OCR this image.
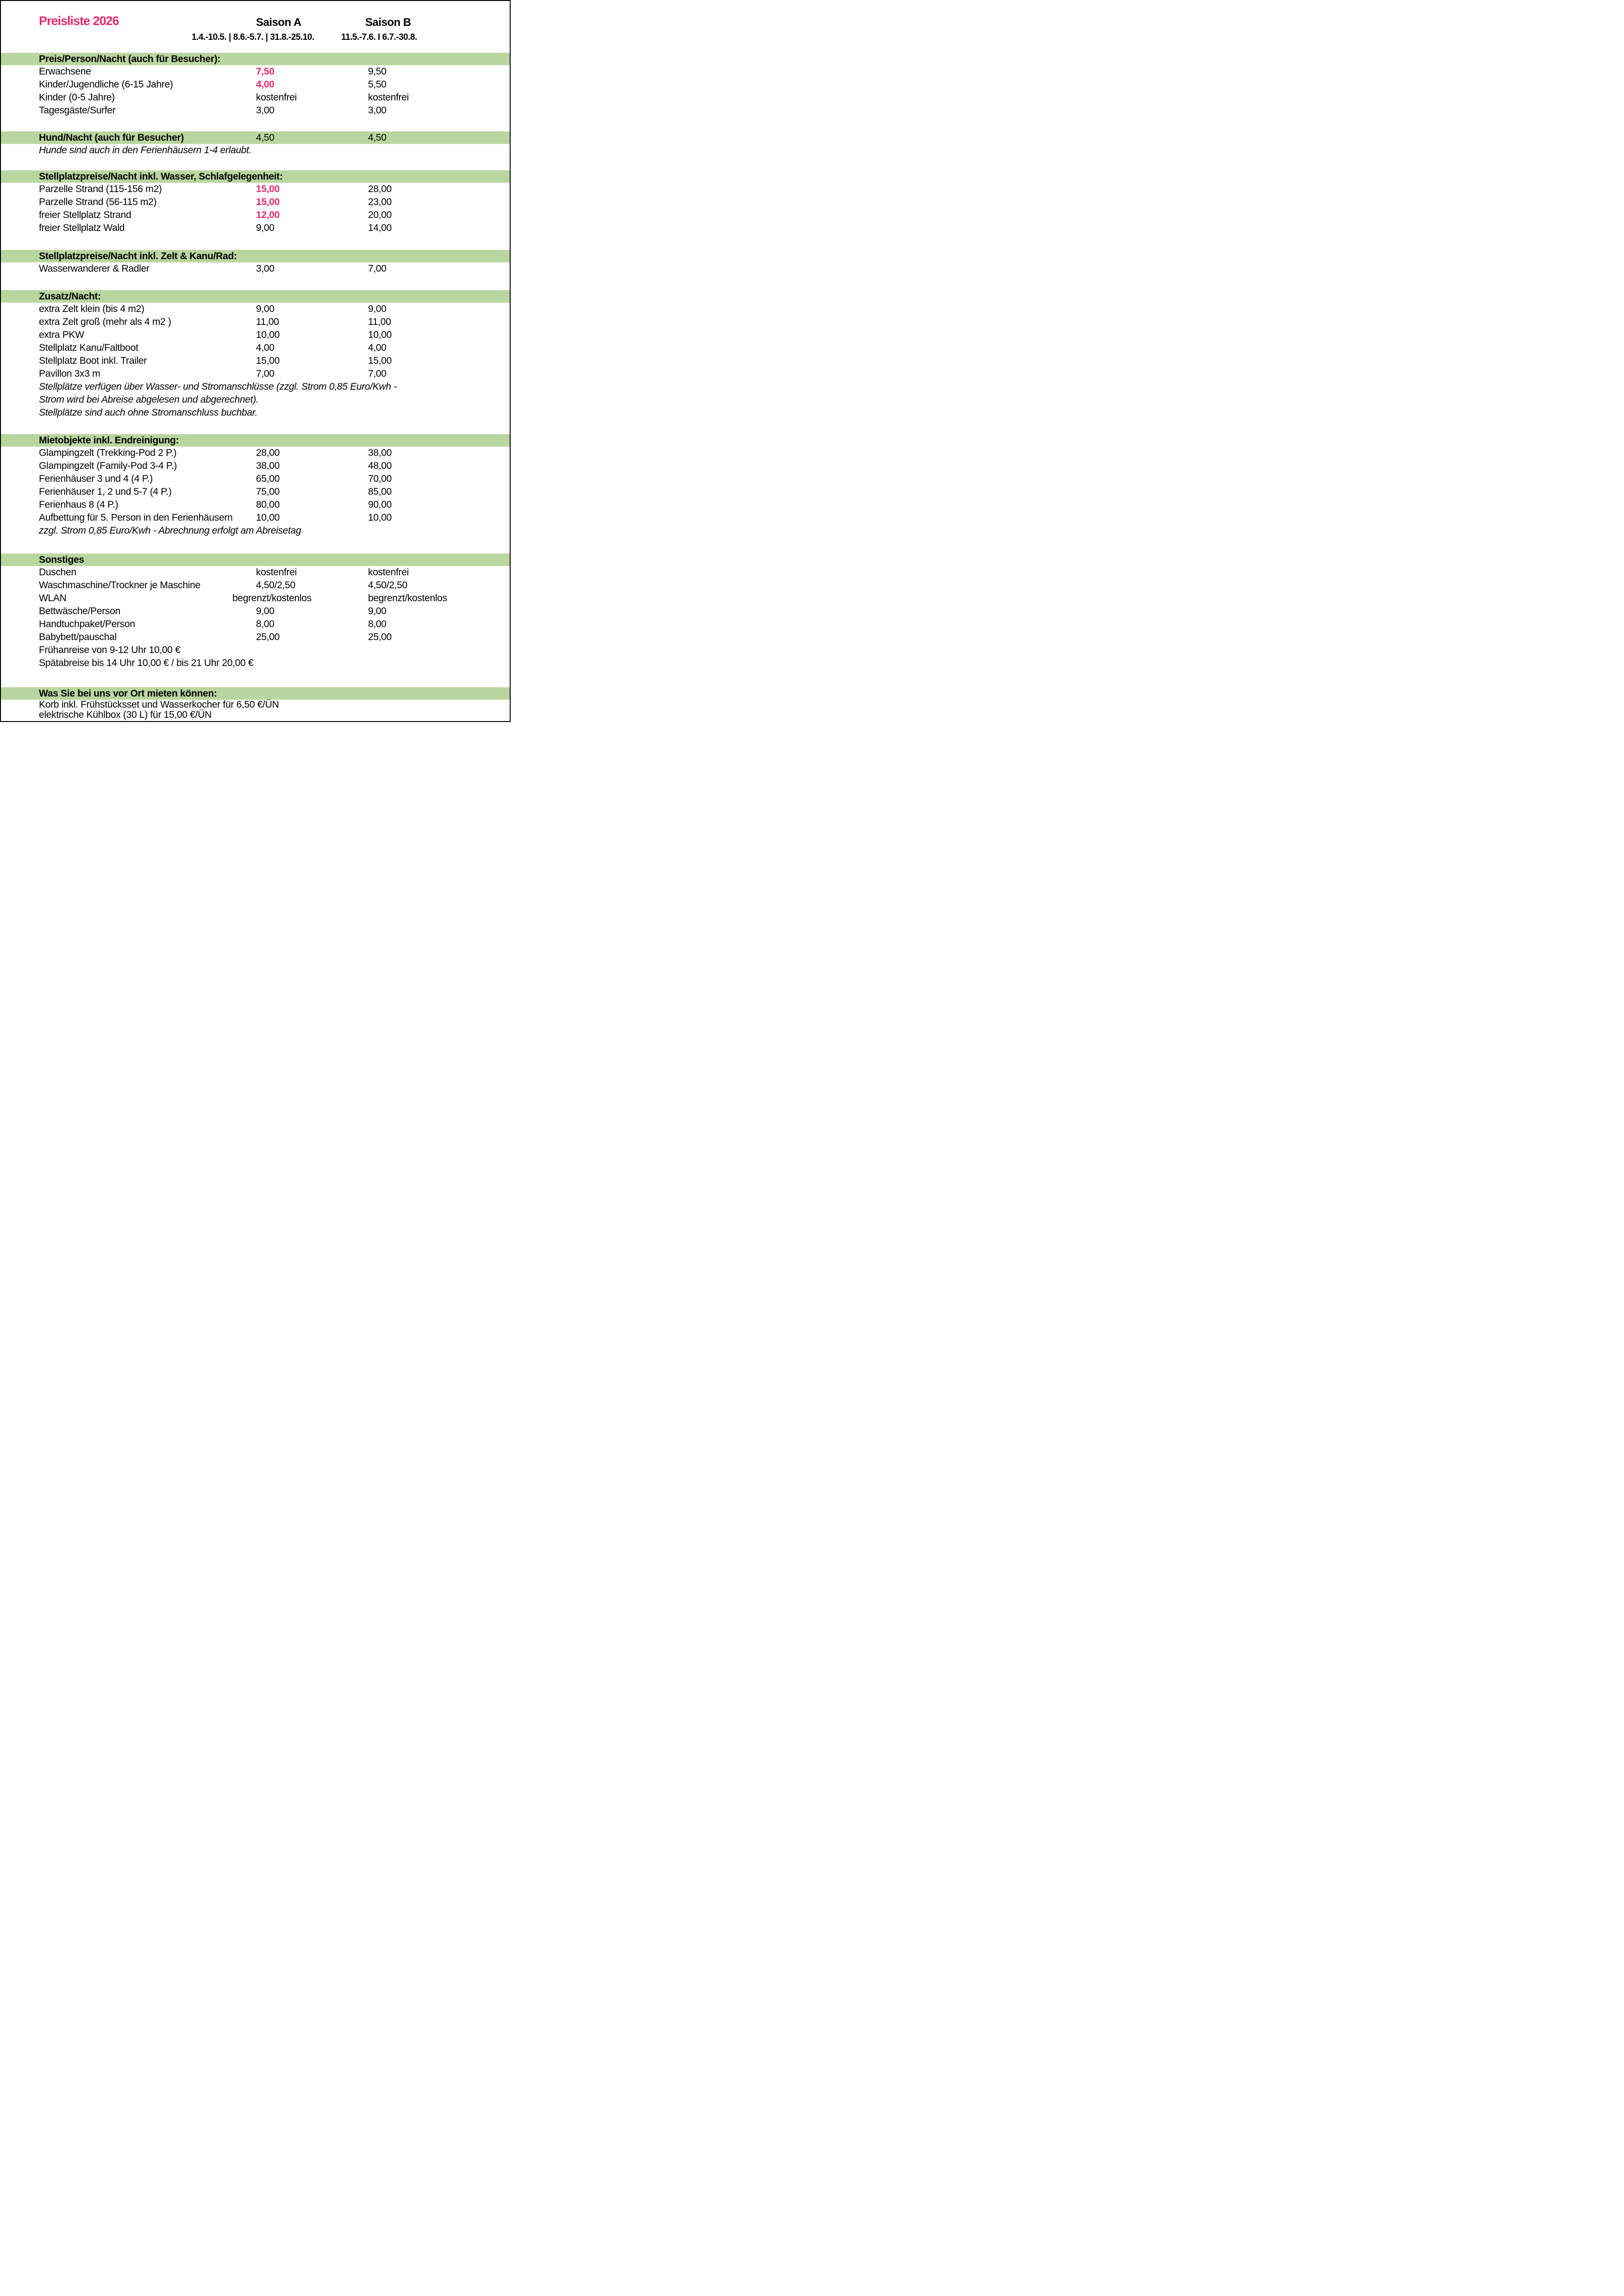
Preisliste 2026	Saison A	Saison B
1.4.-10.5. | 8.6.-5.7. | 31.8.-25.10.	11.5.-7.6. I 6.7.-30.8.
Preis/Person/Nacht (auch für Besucher):
Erwachsene	7,50	9,50
Kinder/Jugendliche (6-15 Jahre)	4,00	5,50
Kinder (0-5 Jahre)	kostenfrei	kostenfrei
Tagesgäste/Surfer	3,00	3,00
Hund/Nacht (auch für Besucher)	4,50	4,50
Hunde sind auch in den Ferienhäusern 1-4 erlaubt.
Stellplatzpreise/Nacht inkl. Wasser, Schlafgelegenheit:
Parzelle Strand (115-156 m2)	15,00	28,00
Parzelle Strand (56-115 m2)	15,00	23,00
freier Stellplatz Strand	12,00	20,00
freier Stellplatz Wald	9,00	14,00
Stellplatzpreise/Nacht inkl. Zelt & Kanu/Rad:
Wasserwanderer & Radler	3,00	7,00
Zusatz/Nacht:
extra Zelt klein (bis 4 m2)	9,00	9,00
extra Zelt groß (mehr als 4 m2 )	11,00	11,00
extra PKW	10,00	10,00
Stellplatz Kanu/Faltboot	4,00	4,00
Stellplatz Boot inkl. Trailer	15,00	15,00
Pavillon 3x3 m	7,00	7,00
Stellplätze verfügen über Wasser- und Stromanschlüsse (zzgl. Strom 0,85 Euro/Kwh -
Strom wird bei Abreise abgelesen und abgerechnet).
Stellplätze sind auch ohne Stromanschluss buchbar.
Mietobjekte inkl. Endreinigung:
Glampingzelt (Trekking-Pod 2 P.)	28,00	38,00
Glampingzelt (Family-Pod 3-4 P.)	38,00	48,00
Ferienhäuser 3 und 4 (4 P.)	65,00	70,00
Ferienhäuser 1, 2 und 5-7 (4 P.)	75,00	85,00
Ferienhaus 8 (4 P.)	80,00	90,00
Aufbettung für 5. Person in den Ferienhäusern	10,00	10,00
zzgl. Strom 0,85 Euro/Kwh - Abrechnung erfolgt am Abreisetag
Sonstiges
Duschen	kostenfrei	kostenfrei
Waschmaschine/Trockner je Maschine	4,50/2,50	4,50/2,50
WLAN	begrenzt/kostenlos	begrenzt/kostenlos
Bettwäsche/Person	9,00	9,00
Handtuchpaket/Person	8,00	8,00
Babybett/pauschal	25,00	25,00
Frühanreise von 9-12 Uhr 10,00 €
Spätabreise bis 14 Uhr 10,00 € / bis 21 Uhr 20,00 €
Was Sie bei uns vor Ort mieten können:
Korb inkl. Frühstücksset und Wasserkocher für 6,50 €/ÜN
elektrische Kühlbox (30 L) für 15,00 €/ÜN
